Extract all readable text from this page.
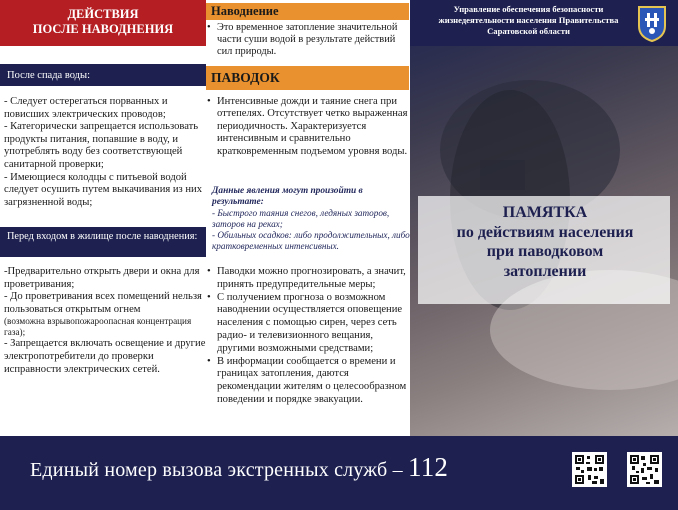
ДЕЙСТВИЯ
ПОСЛЕ НАВОДНЕНИЯ
После спада воды:
- Следует остерегаться порванных и повисших электрических проводов;
- Категорически запрещается использовать продукты питания, попавшие в воду, и употреблять воду без соответствующей санитарной проверки;
- Имеющиеся колодцы с питьевой водой следует осушить путем выкачивания из них загрязненной воды;
Перед входом в жилище после наводнения:
-Предварительно открыть двери и окна для проветривания;
- До проветривания всех помещений нельзя пользоваться открытым огнем
(возможна взрывопожароопасная концентрация газа);
- Запрещается включать освещение и другие электропотребители до проверки исправности электрических сетей.
Наводнение
• Это временное затопление значительной части суши водой в результате действий сил природы.
ПАВОДОК
• Интенсивные дожди и таяние снега при оттепелях. Отсутствует четко выраженная периодичность. Характеризуется интенсивным и сравнительно кратковременным подъемом уровня воды.
Данные явления могут произойти в результате:
- Быстрого таяния снегов, ледяных заторов, заторов на реках;
- Обильных осадков: либо продолжительных, либо кратковременных интенсивных.
• Паводки можно прогнозировать, а значит, принять предупредительные меры;
• С получением прогноза о возможном наводнении осуществляется оповещение населения с помощью сирен, через сеть радио- и телевизионного вещания, другими возможными средствами;
• В информации сообщается о времени и границах затопления, даются рекомендации жителям о целесообразном поведении и порядке эвакуации.
Управление обеспечения безопасности жизнедеятельности населения Правительства Саратовской области
ПАМЯТКА
по действиям населения
при паводковом
затоплении
Единый номер вызова экстренных служб – 112
